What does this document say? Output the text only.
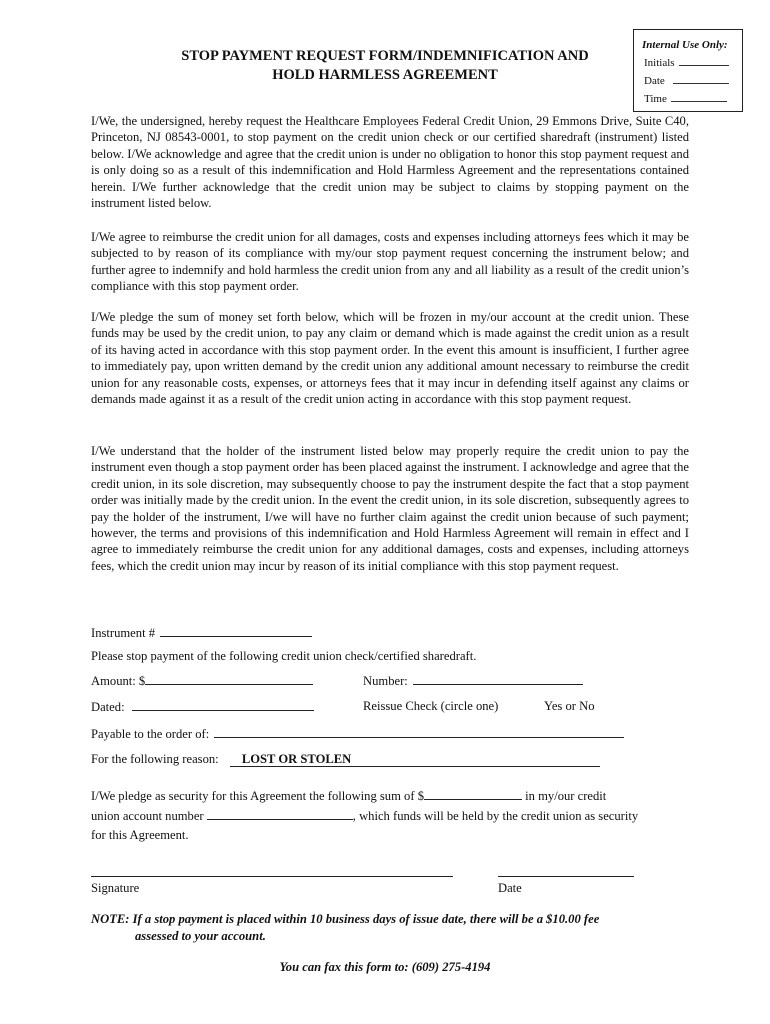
STOP PAYMENT REQUEST FORM/INDEMNIFICATION AND
HOLD HARMLESS AGREEMENT
Internal Use Only:
Initials
Date
Time
I/We, the undersigned, hereby request the Healthcare Employees Federal Credit Union, 29 Emmons Drive, Suite C40, Princeton, NJ 08543-0001, to stop payment on the credit union check or our certified sharedraft (instrument) listed below. I/We acknowledge and agree that the credit union is under no obligation to honor this stop payment request and is only doing so as a result of this indemnification and Hold Harmless Agreement and the representations contained herein. I/We further acknowledge that the credit union may be subject to claims by stopping payment on the instrument listed below.
I/We agree to reimburse the credit union for all damages, costs and expenses including attorneys fees which it may be subjected to by reason of its compliance with my/our stop payment request concerning the instrument below; and further agree to indemnify and hold harmless the credit union from any and all liability as a result of the credit union’s compliance with this stop payment order.
I/We pledge the sum of money set forth below, which will be frozen in my/our account at the credit union. These funds may be used by the credit union, to pay any claim or demand which is made against the credit union as a result of its having acted in accordance with this stop payment order. In the event this amount is insufficient, I further agree to immediately pay, upon written demand by the credit union any additional amount necessary to reimburse the credit union for any reasonable costs, expenses, or attorneys fees that it may incur in defending itself against any claims or demands made against it as a result of the credit union acting in accordance with this stop payment request.
I/We understand that the holder of the instrument listed below may properly require the credit union to pay the instrument even though a stop payment order has been placed against the instrument. I acknowledge and agree that the credit union, in its sole discretion, may subsequently choose to pay the instrument despite the fact that a stop payment order was initially made by the credit union. In the event the credit union, in its sole discretion, subsequently agrees to pay the holder of the instrument, I/we will have no further claim against the credit union because of such payment; however, the terms and provisions of this indemnification and Hold Harmless Agreement will remain in effect and I agree to immediately reimburse the credit union for any additional damages, costs and expenses, including attorneys fees, which the credit union may incur by reason of its initial compliance with this stop payment request.
Instrument #
Please stop payment of the following credit union check/certified sharedraft.
Amount: $	Number:
Dated:	Reissue Check (circle one)	Yes or No
Payable to the order of:
For the following reason: LOST OR STOLEN
I/We pledge as security for this Agreement the following sum of $	in my/our credit
union account number	, which funds will be held by the credit union as security
for this Agreement.
Signature	Date
NOTE: If a stop payment is placed within 10 business days of issue date, there will be a $10.00 fee
assessed to your account.
You can fax this form to: (609) 275-4194
